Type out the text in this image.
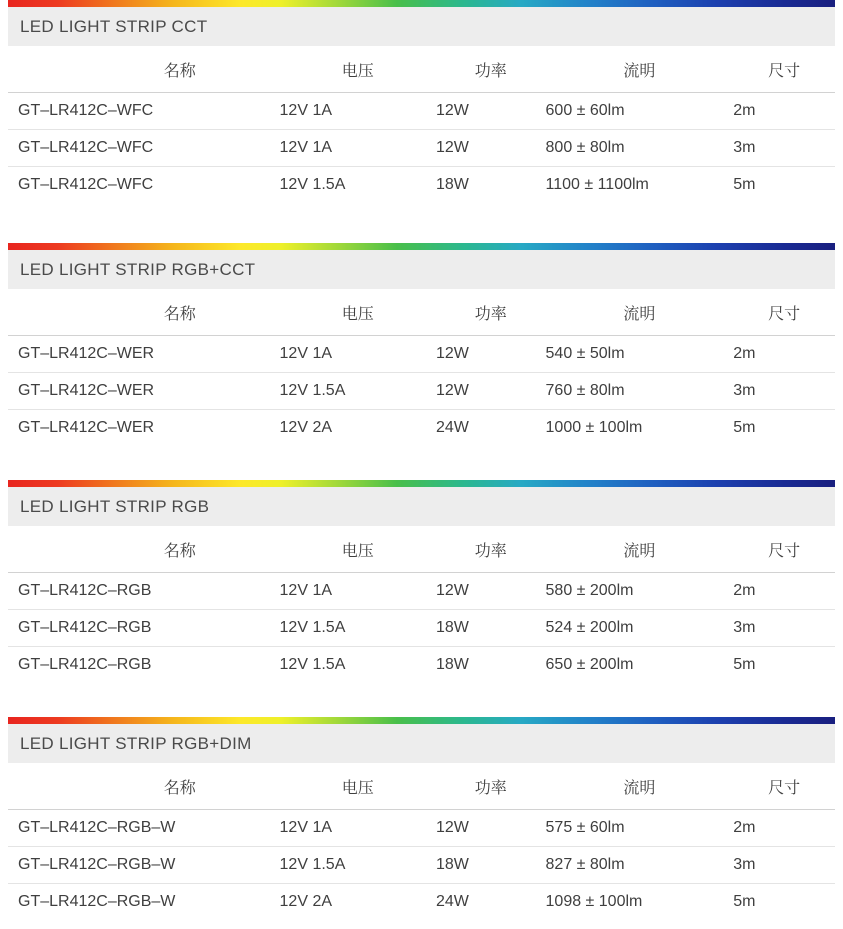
LED LIGHT STRIP CCT
名称	电压	功率	流明	尺寸
GT–LR412C–WFC	12V 1A	12W	600 ± 60lm	2m
GT–LR412C–WFC	12V 1A	12W	800 ± 80lm	3m
GT–LR412C–WFC	12V 1.5A	18W	1100 ± 1100lm	5m
LED LIGHT STRIP RGB+CCT
名称	电压	功率	流明	尺寸
GT–LR412C–WER	12V 1A	12W	540 ± 50lm	2m
GT–LR412C–WER	12V 1.5A	12W	760 ± 80lm	3m
GT–LR412C–WER	12V 2A	24W	1000 ± 100lm	5m
LED LIGHT STRIP RGB
名称	电压	功率	流明	尺寸
GT–LR412C–RGB	12V 1A	12W	580 ± 200lm	2m
GT–LR412C–RGB	12V 1.5A	18W	524 ± 200lm	3m
GT–LR412C–RGB	12V 1.5A	18W	650 ± 200lm	5m
LED LIGHT STRIP RGB+DIM
名称	电压	功率	流明	尺寸
GT–LR412C–RGB–W	12V 1A	12W	575 ± 60lm	2m
GT–LR412C–RGB–W	12V 1.5A	18W	827 ± 80lm	3m
GT–LR412C–RGB–W	12V 2A	24W	1098 ± 100lm	5m
